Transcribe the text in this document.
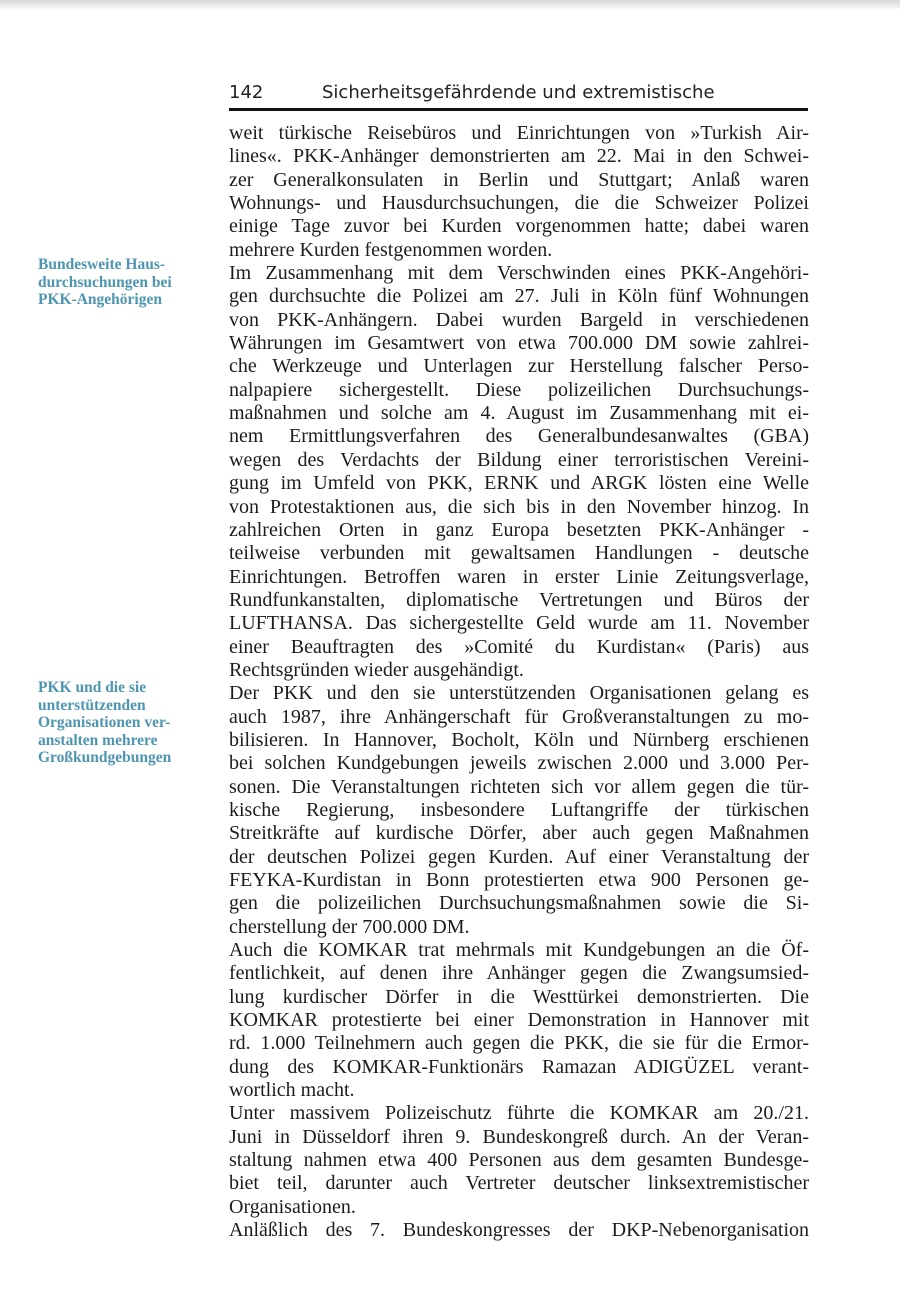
142	Sicherheitsgefährdende und extremistische
Bundesweite Haus-
durchsuchungen bei
PKK-Angehörigen
PKK und die sie
unterstützenden
Organisationen ver-
anstalten mehrere
Großkundgebungen

weit türkische Reisebüros und Einrichtungen von »Turkish Air-
lines«. PKK-Anhänger demonstrierten am 22. Mai in den Schwei-
zer Generalkonsulaten in Berlin und Stuttgart; Anlaß waren
Wohnungs- und Hausdurchsuchungen, die die Schweizer Polizei
einige Tage zuvor bei Kurden vorgenommen hatte; dabei waren
mehrere Kurden festgenommen worden.

Im Zusammenhang mit dem Verschwinden eines PKK-Angehöri-
gen durchsuchte die Polizei am 27. Juli in Köln fünf Wohnungen
von PKK-Anhängern. Dabei wurden Bargeld in verschiedenen
Währungen im Gesamtwert von etwa 700.000 DM sowie zahlrei-
che Werkzeuge und Unterlagen zur Herstellung falscher Perso-
nalpapiere sichergestellt. Diese polizeilichen Durchsuchungs-
maßnahmen und solche am 4. August im Zusammenhang mit ei-
nem Ermittlungsverfahren des Generalbundesanwaltes (GBA)
wegen des Verdachts der Bildung einer terroristischen Vereini-
gung im Umfeld von PKK, ERNK und ARGK lösten eine Welle
von Protestaktionen aus, die sich bis in den November hinzog. In
zahlreichen Orten in ganz Europa besetzten PKK-Anhänger -
teilweise verbunden mit gewaltsamen Handlungen - deutsche
Einrichtungen. Betroffen waren in erster Linie Zeitungsverlage,
Rundfunkanstalten, diplomatische Vertretungen und Büros der
LUFTHANSA. Das sichergestellte Geld wurde am 11. November
einer Beauftragten des »Comité du Kurdistan« (Paris) aus
Rechtsgründen wieder ausgehändigt.

Der PKK und den sie unterstützenden Organisationen gelang es
auch 1987, ihre Anhängerschaft für Großveranstaltungen zu mo-
bilisieren. In Hannover, Bocholt, Köln und Nürnberg erschienen
bei solchen Kundgebungen jeweils zwischen 2.000 und 3.000 Per-
sonen. Die Veranstaltungen richteten sich vor allem gegen die tür-
kische Regierung, insbesondere Luftangriffe der türkischen
Streitkräfte auf kurdische Dörfer, aber auch gegen Maßnahmen
der deutschen Polizei gegen Kurden. Auf einer Veranstaltung der
FEYKA-Kurdistan in Bonn protestierten etwa 900 Personen ge-
gen die polizeilichen Durchsuchungsmaßnahmen sowie die Si-
cherstellung der 700.000 DM.

Auch die KOMKAR trat mehrmals mit Kundgebungen an die Öf-
fentlichkeit, auf denen ihre Anhänger gegen die Zwangsumsied-
lung kurdischer Dörfer in die Westtürkei demonstrierten. Die
KOMKAR protestierte bei einer Demonstration in Hannover mit
rd. 1.000 Teilnehmern auch gegen die PKK, die sie für die Ermor-
dung des KOMKAR-Funktionärs Ramazan ADIGÜZEL verant-
wortlich macht.

Unter massivem Polizeischutz führte die KOMKAR am 20./21.
Juni in Düsseldorf ihren 9. Bundeskongreß durch. An der Veran-
staltung nahmen etwa 400 Personen aus dem gesamten Bundesge-
biet teil, darunter auch Vertreter deutscher linksextremistischer
Organisationen.

Anläßlich des 7. Bundeskongresses der DKP-Nebenorganisation
